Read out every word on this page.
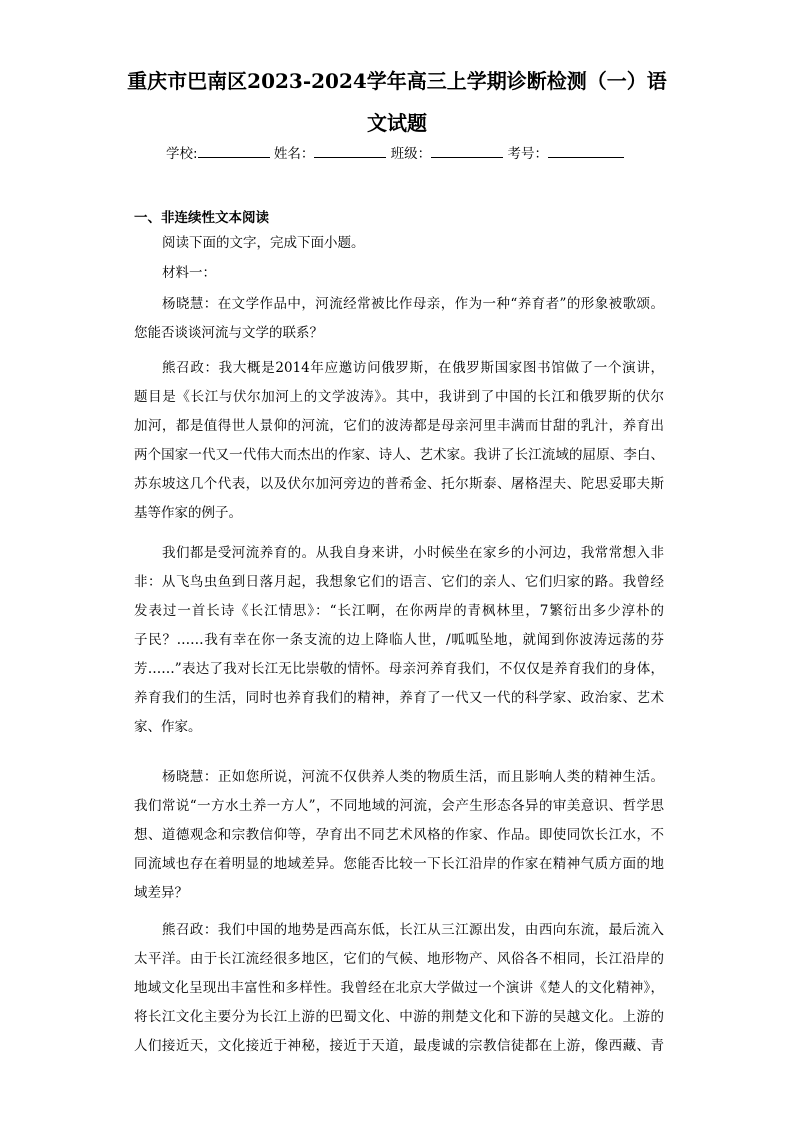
重庆市巴南区2023-2024学年高三上学期诊断检测（一）语
文试题
学校:	姓名：	班级：	考号：
一、非连续性文本阅读
阅读下面的文字，完成下面小题。
材料一：
杨晓慧：在文学作品中，河流经常被比作母亲，作为一种“养育者”的形象被歌颂。
您能否谈谈河流与文学的联系？
熊召政：我大概是2014年应邀访问俄罗斯，在俄罗斯国家图书馆做了一个演讲，
题目是《长江与伏尔加河上的文学波涛》。其中，我讲到了中国的长江和俄罗斯的伏尔
加河，都是值得世人景仰的河流，它们的波涛都是母亲河里丰满而甘甜的乳汁，养育出
两个国家一代又一代伟大而杰出的作家、诗人、艺术家。我讲了长江流域的屈原、李白、
苏东坡这几个代表，以及伏尔加河旁边的普希金、托尔斯泰、屠格涅夫、陀思妥耶夫斯
基等作家的例子。
我们都是受河流养育的。从我自身来讲，小时候坐在家乡的小河边，我常常想入非
非：从飞鸟虫鱼到日落月起，我想象它们的语言、它们的亲人、它们归家的路。我曾经
发表过一首长诗《长江情思》：“长江啊，在你两岸的青枫林里，7繁衍出多少淳朴的
子民？……我有幸在你一条支流的边上降临人世，/呱呱坠地，就闻到你波涛远荡的芬
芳……”表达了我对长江无比崇敬的情怀。母亲河养育我们，不仅仅是养育我们的身体，
养育我们的生活，同时也养育我们的精神，养育了一代又一代的科学家、政治家、艺术
家、作家。
杨晓慧：正如您所说，河流不仅供养人类的物质生活，而且影响人类的精神生活。
我们常说“一方水土养一方人”，不同地域的河流，会产生形态各异的审美意识、哲学思
想、道德观念和宗教信仰等，孕育出不同艺术风格的作家、作品。即使同饮长江水，不
同流域也存在着明显的地域差异。您能否比较一下长江沿岸的作家在精神气质方面的地
域差异？
熊召政：我们中国的地势是西高东低，长江从三江源出发，由西向东流，最后流入
太平洋。由于长江流经很多地区，它们的气候、地形物产、风俗各不相同，长江沿岸的
地域文化呈现出丰富性和多样性。我曾经在北京大学做过一个演讲《楚人的文化精神》，
将长江文化主要分为长江上游的巴蜀文化、中游的荆楚文化和下游的吴越文化。上游的
人们接近天，文化接近于神秘，接近于天道，最虔诚的宗教信徒都在上游，像西藏、青
